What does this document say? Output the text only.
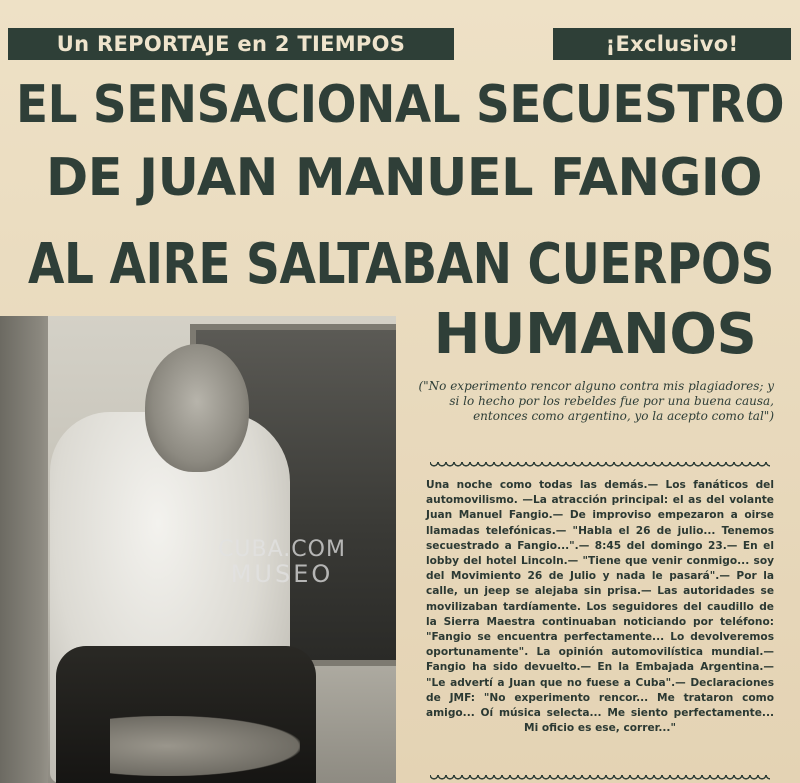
Un REPORTAJE en 2 TIEMPOS	¡Exclusivo!
EL SENSACIONAL SECUESTRO
DE JUAN MANUEL FANGIO
AL AIRE SALTABAN CUERPOS
HUMANOS
CUBA.COM
MUSEO
("No experimento rencor alguno contra mis plagiadores; y si lo hecho por los rebeldes fue por una buena causa, entonces como argentino, yo la acepto como tal")
Una noche como todas las demás.— Los fanáticos del automovilismo. —La atracción principal: el as del volante Juan Manuel Fangio.— De improviso empezaron a oirse llamadas telefónicas.— "Habla el 26 de julio... Tenemos secuestrado a Fangio...".— 8:45 del domingo 23.— En el lobby del hotel Lincoln.— "Tiene que venir conmigo... soy del Movimiento 26 de Julio y nada le pasará".— Por la calle, un jeep se alejaba sin prisa.— Las autoridades se movilizaban tardíamente. Los seguidores del caudillo de la Sierra Maestra continuaban noticiando por teléfono: "Fangio se encuentra perfectamente... Lo devolveremos oportunamente". La opinión automovilística mundial.— Fangio ha sido devuelto.— En la Embajada Argentina.— "Le advertí a Juan que no fuese a Cuba".— Declaraciones de JMF: "No experimento rencor... Me trataron como amigo... Oí música selecta... Me siento perfectamente... Mi oficio es ese, correr..."
